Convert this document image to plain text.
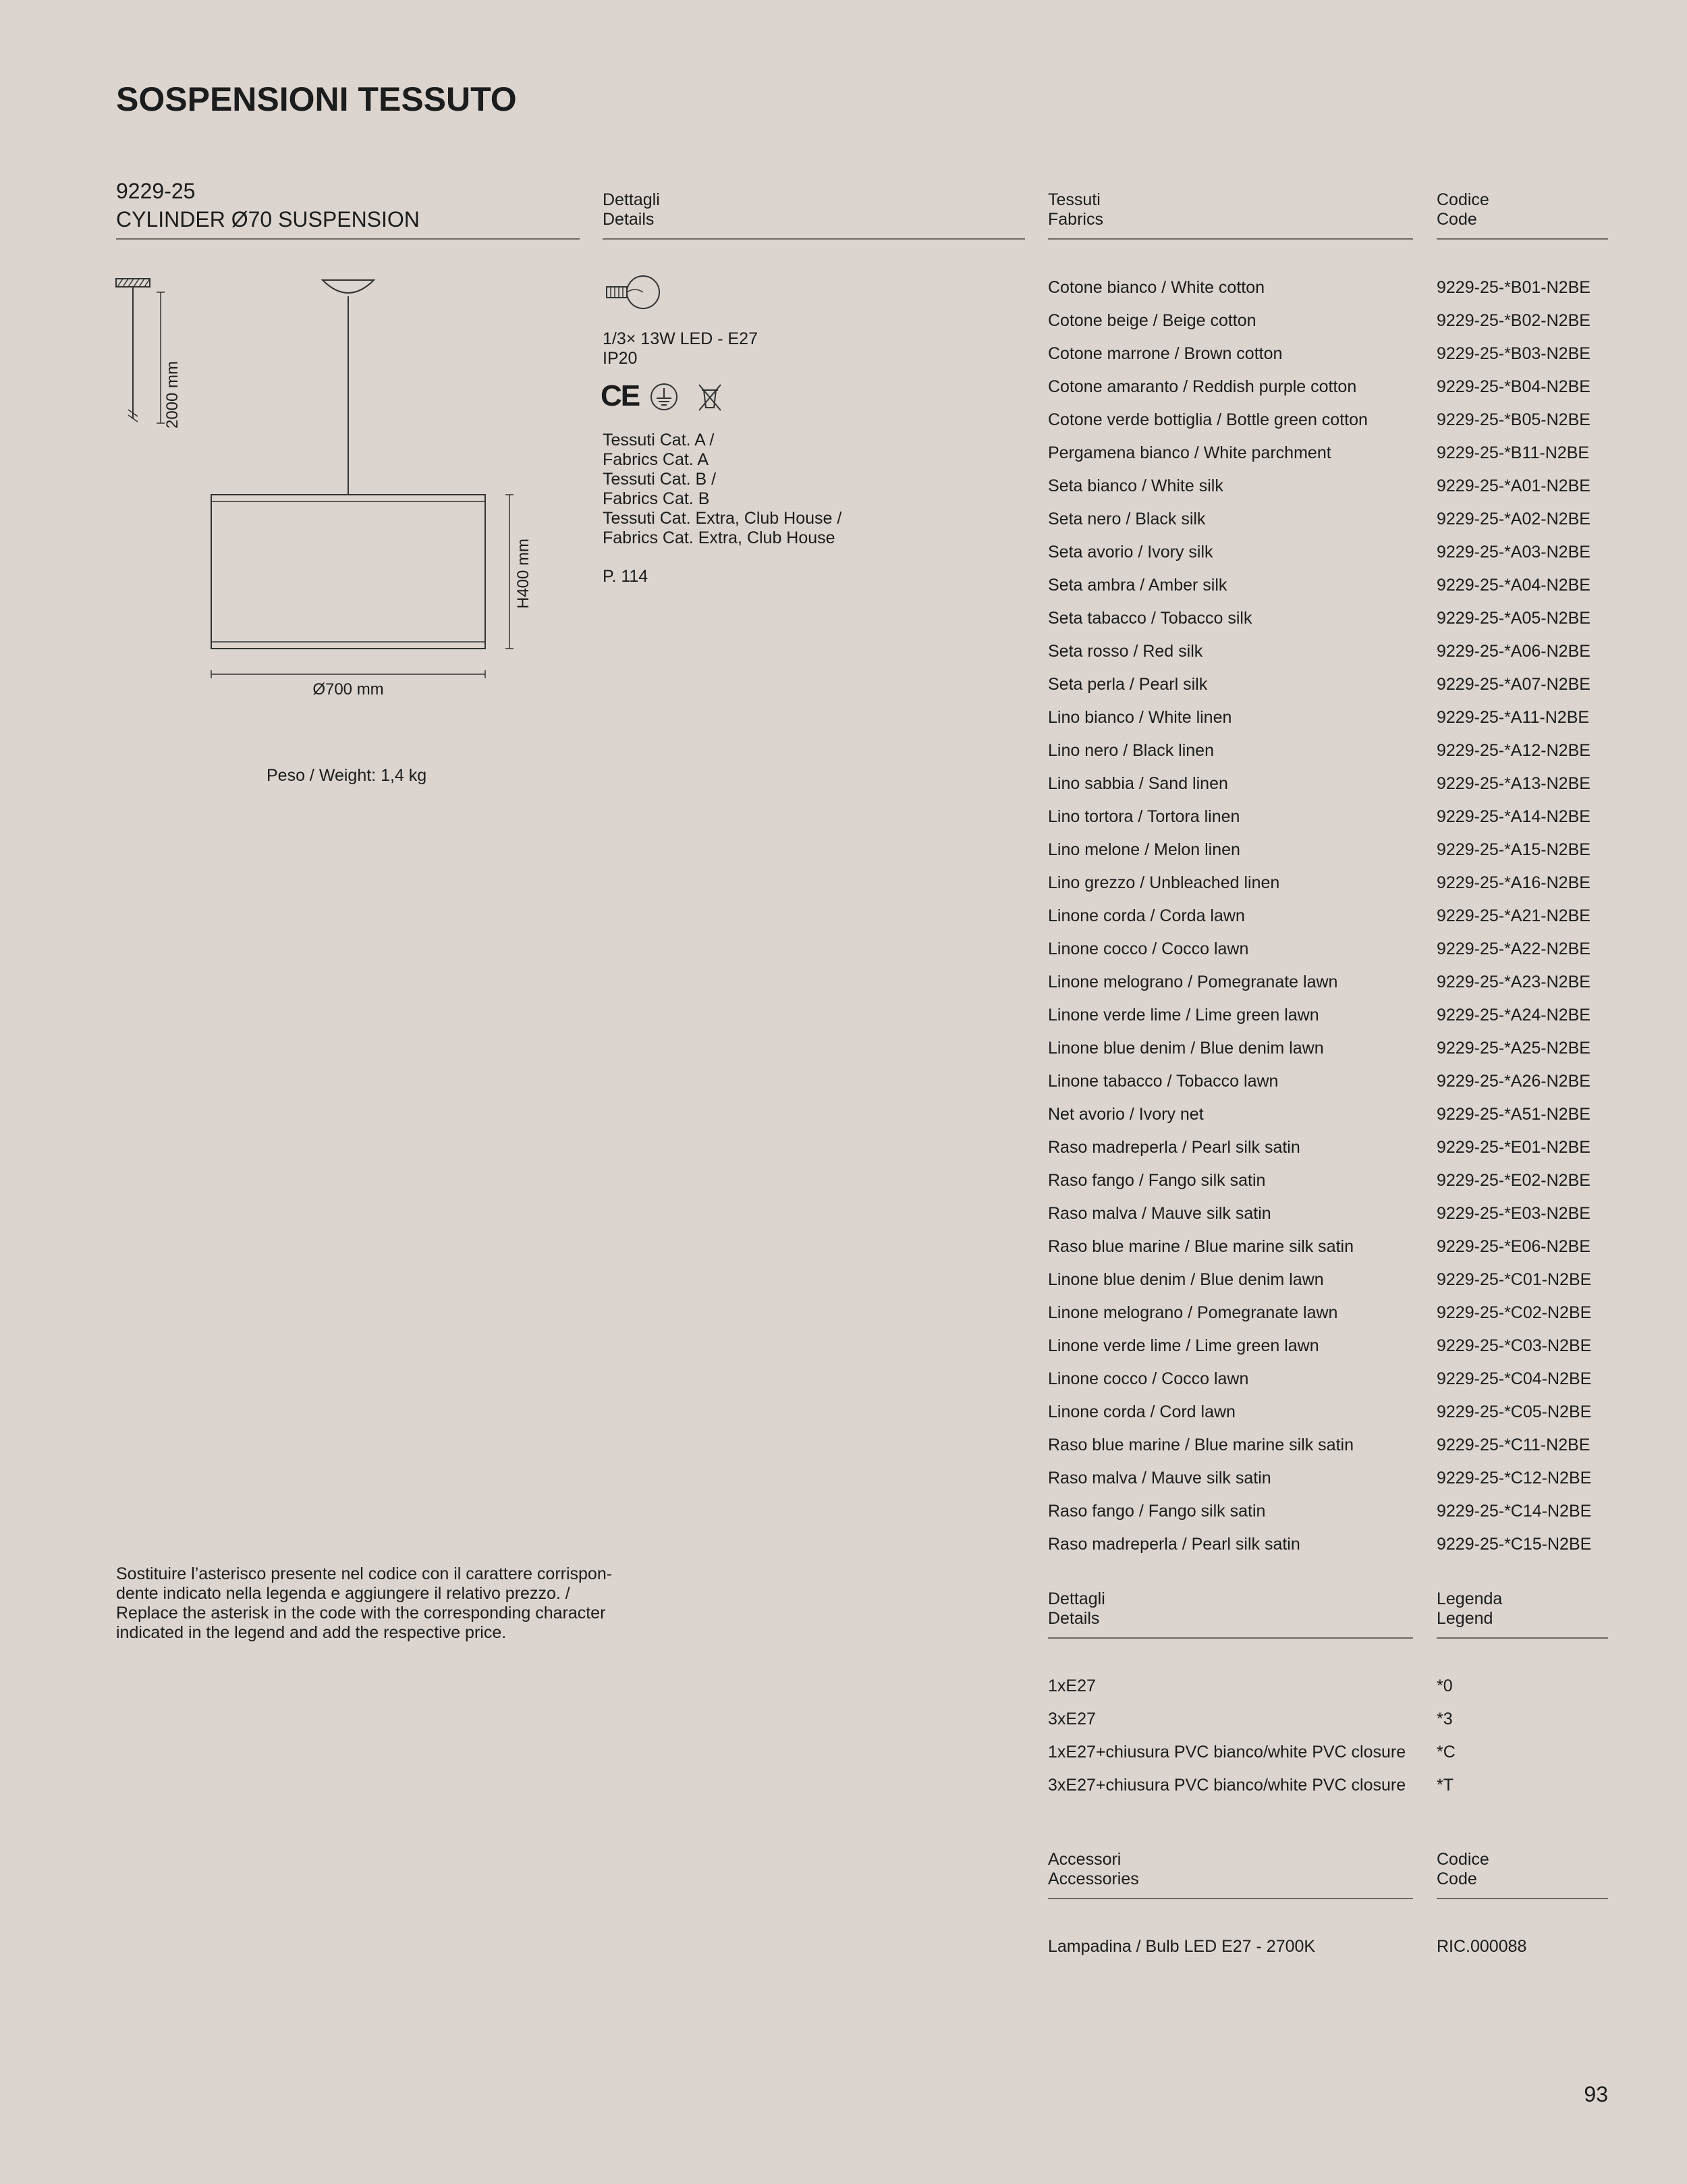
SOSPENSIONI TESSUTO
9229-25
CYLINDER Ø70 SUSPENSION
Dettagli
Details
Tessuti
Fabrics
Codice
Code
2000 mm
H400 mm
Ø700 mm
Peso / Weight: 1,4 kg
1/3× 13W LED - E27
IP20
CE
Tessuti Cat. A /
Fabrics Cat. A
Tessuti Cat. B /
Fabrics Cat. B
Tessuti Cat. Extra, Club House /
Fabrics Cat. Extra, Club House
P. 114
Cotone bianco / White cotton	9229-25-*B01-N2BE
Cotone beige / Beige cotton	9229-25-*B02-N2BE
Cotone marrone / Brown cotton	9229-25-*B03-N2BE
Cotone amaranto / Reddish purple cotton	9229-25-*B04-N2BE
Cotone verde bottiglia / Bottle green cotton	9229-25-*B05-N2BE
Pergamena bianco / White parchment	9229-25-*B11-N2BE
Seta bianco / White silk	9229-25-*A01-N2BE
Seta nero / Black silk	9229-25-*A02-N2BE
Seta avorio / Ivory silk	9229-25-*A03-N2BE
Seta ambra / Amber silk	9229-25-*A04-N2BE
Seta tabacco / Tobacco silk	9229-25-*A05-N2BE
Seta rosso / Red silk	9229-25-*A06-N2BE
Seta perla / Pearl silk	9229-25-*A07-N2BE
Lino bianco / White linen	9229-25-*A11-N2BE
Lino nero / Black linen	9229-25-*A12-N2BE
Lino sabbia / Sand linen	9229-25-*A13-N2BE
Lino tortora / Tortora linen	9229-25-*A14-N2BE
Lino melone / Melon linen	9229-25-*A15-N2BE
Lino grezzo / Unbleached linen	9229-25-*A16-N2BE
Linone corda / Corda lawn	9229-25-*A21-N2BE
Linone cocco / Cocco lawn	9229-25-*A22-N2BE
Linone melograno / Pomegranate lawn	9229-25-*A23-N2BE
Linone verde lime / Lime green lawn	9229-25-*A24-N2BE
Linone blue denim / Blue denim lawn	9229-25-*A25-N2BE
Linone tabacco / Tobacco lawn	9229-25-*A26-N2BE
Net avorio / Ivory net	9229-25-*A51-N2BE
Raso madreperla / Pearl silk satin	9229-25-*E01-N2BE
Raso fango / Fango silk satin	9229-25-*E02-N2BE
Raso malva / Mauve silk satin	9229-25-*E03-N2BE
Raso blue marine / Blue marine silk satin	9229-25-*E06-N2BE
Linone blue denim / Blue denim lawn	9229-25-*C01-N2BE
Linone melograno / Pomegranate lawn	9229-25-*C02-N2BE
Linone verde lime / Lime green lawn	9229-25-*C03-N2BE
Linone cocco / Cocco lawn	9229-25-*C04-N2BE
Linone corda / Cord lawn	9229-25-*C05-N2BE
Raso blue marine / Blue marine silk satin	9229-25-*C11-N2BE
Raso malva / Mauve silk satin	9229-25-*C12-N2BE
Raso fango / Fango silk satin	9229-25-*C14-N2BE
Raso madreperla / Pearl silk satin	9229-25-*C15-N2BE
Sostituire l’asterisco presente nel codice con il carattere corrispon-
dente indicato nella legenda e aggiungere il relativo prezzo. /
Replace the asterisk in the code with the corresponding character
indicated in the legend and add the respective price.
Dettagli
Details
Legenda
Legend
1xE27	*0
3xE27	*3
1xE27+chiusura PVC bianco/white PVC closure *C
3xE27+chiusura PVC bianco/white PVC closure *T
Accessori
Accessories
Codice
Code
Lampadina / Bulb LED E27 - 2700K	RIC.000088
93
